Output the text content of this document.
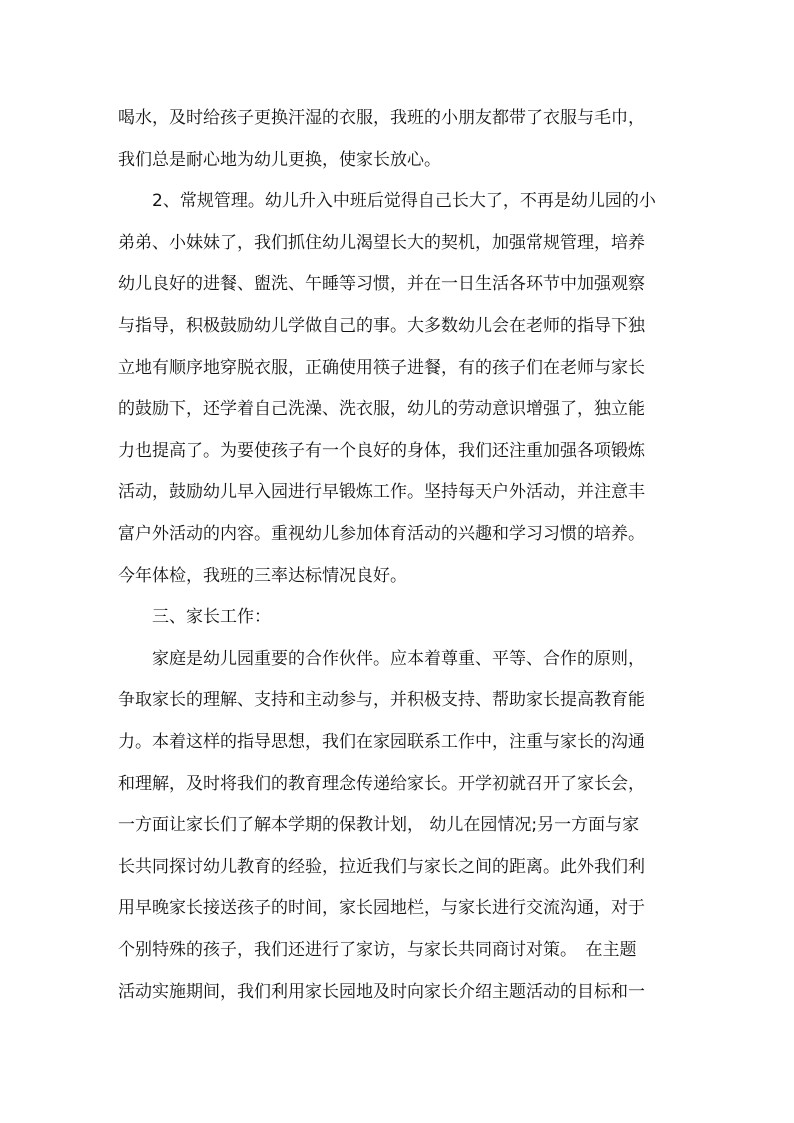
喝水，及时给孩子更换汗湿的衣服，我班的小朋友都带了衣服与毛巾，
我们总是耐心地为幼儿更换，使家长放心。
　　2、常规管理。幼儿升入中班后觉得自己长大了，不再是幼儿园的小
弟弟、小妹妹了，我们抓住幼儿渴望长大的契机，加强常规管理，培养
幼儿良好的进餐、盥洗、午睡等习惯，并在一日生活各环节中加强观察
与指导，积极鼓励幼儿学做自己的事。大多数幼儿会在老师的指导下独
立地有顺序地穿脱衣服，正确使用筷子进餐，有的孩子们在老师与家长
的鼓励下，还学着自己洗澡、洗衣服，幼儿的劳动意识增强了，独立能
力也提高了。为要使孩子有一个良好的身体，我们还注重加强各项锻炼
活动，鼓励幼儿早入园进行早锻炼工作。坚持每天户外活动，并注意丰
富户外活动的内容。重视幼儿参加体育活动的兴趣和学习习惯的培养。
今年体检，我班的三率达标情况良好。
　　三、家长工作：
　　家庭是幼儿园重要的合作伙伴。应本着尊重、平等、合作的原则，
争取家长的理解、支持和主动参与，并积极支持、帮助家长提高教育能
力。本着这样的指导思想，我们在家园联系工作中，注重与家长的沟通
和理解，及时将我们的教育理念传递给家长。开学初就召开了家长会，
一方面让家长们了解本学期的保教计划， 幼儿在园情况;另一方面与家
长共同探讨幼儿教育的经验，拉近我们与家长之间的距离。此外我们利
用早晚家长接送孩子的时间，家长园地栏，与家长进行交流沟通，对于
个别特殊的孩子，我们还进行了家访，与家长共同商讨对策。　在主题
活动实施期间，我们利用家长园地及时向家长介绍主题活动的目标和一
